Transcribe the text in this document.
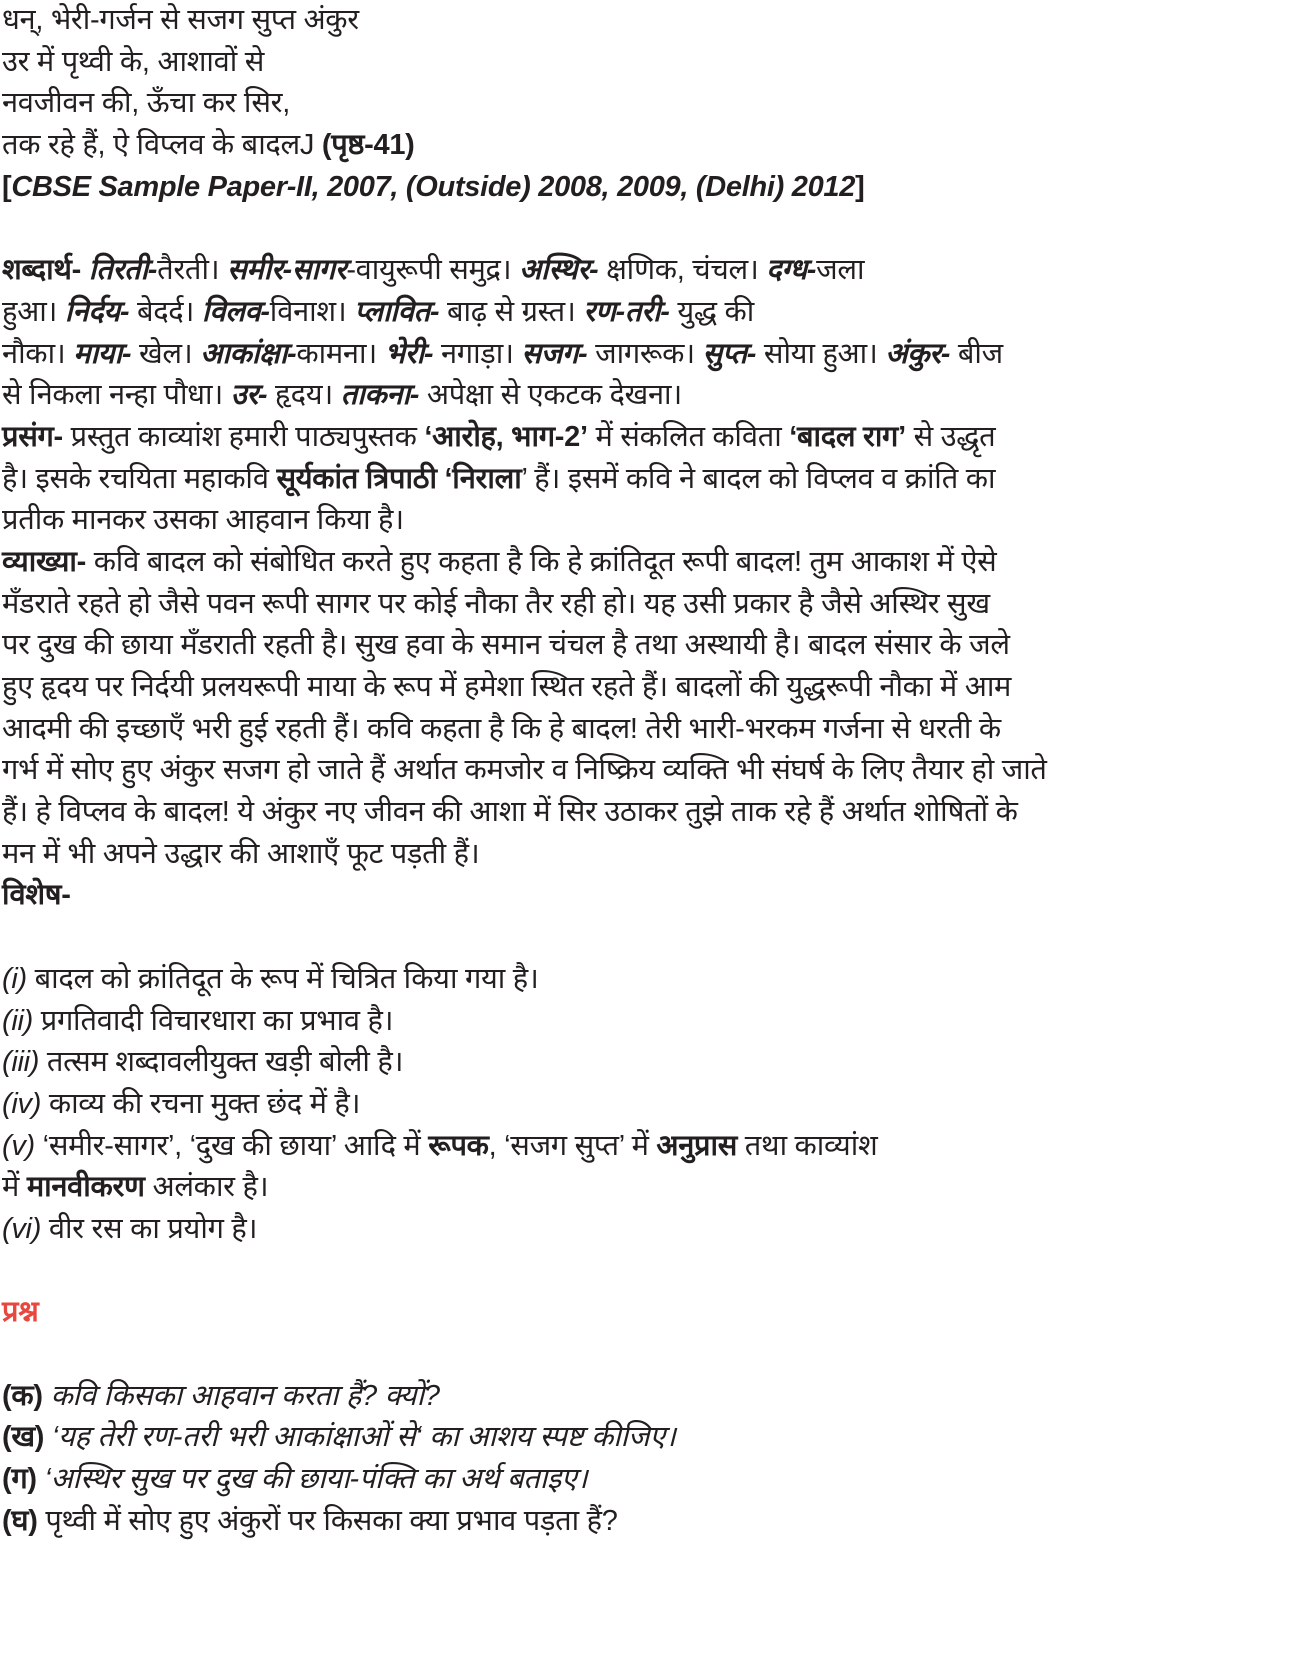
धन्, भेरी-गर्जन से सजग सुप्त अंकुर
उर में पृथ्वी के, आशावों से
नवजीवन की, ऊँचा कर सिर,
तक रहे हैं, ऐ विप्लव के बादलJ (पृष्ठ-41)
[CBSE Sample Paper-II, 2007, (Outside) 2008, 2009, (Delhi) 2012]

शब्दार्थ- तिरती-तैरती। समीर-सागर-वायुरूपी समुद्र। अस्थिर- क्षणिक, चंचल। दग्ध-जला
हुआ। निर्दय- बेदर्द। विलव-विनाश। प्लावित- बाढ़ से ग्रस्त। रण-तरी- युद्ध की
नौका। माया- खेल। आकांक्षा-कामना। भेरी- नगाड़ा। सजग- जागरूक। सुप्त- सोया हुआ। अंकुर- बीज
से निकला नन्हा पौधा। उर- हृदय। ताकना- अपेक्षा से एकटक देखना।
प्रसंग- प्रस्तुत काव्यांश हमारी पाठ्यपुस्तक ‘आरोह, भाग-2’ में संकलित कविता ‘बादल राग’ से उद्धृत
है। इसके रचयिता महाकवि सूर्यकांत त्रिपाठी ‘निराला’ हैं। इसमें कवि ने बादल को विप्लव व क्रांति का
प्रतीक मानकर उसका आहवान किया है।
व्याख्या- कवि बादल को संबोधित करते हुए कहता है कि हे क्रांतिदूत रूपी बादल! तुम आकाश में ऐसे
मँडराते रहते हो जैसे पवन रूपी सागर पर कोई नौका तैर रही हो। यह उसी प्रकार है जैसे अस्थिर सुख
पर दुख की छाया मँडराती रहती है। सुख हवा के समान चंचल है तथा अस्थायी है। बादल संसार के जले
हुए हृदय पर निर्दयी प्रलयरूपी माया के रूप में हमेशा स्थित रहते हैं। बादलों की युद्धरूपी नौका में आम
आदमी की इच्छाएँ भरी हुई रहती हैं। कवि कहता है कि हे बादल! तेरी भारी-भरकम गर्जना से धरती के
गर्भ में सोए हुए अंकुर सजग हो जाते हैं अर्थात कमजोर व निष्क्रिय व्यक्ति भी संघर्ष के लिए तैयार हो जाते
हैं। हे विप्लव के बादल! ये अंकुर नए जीवन की आशा में सिर उठाकर तुझे ताक रहे हैं अर्थात शोषितों के
मन में भी अपने उद्धार की आशाएँ फूट पड़ती हैं।
विशेष-

(i) बादल को क्रांतिदूत के रूप में चित्रित किया गया है।
(ii) प्रगतिवादी विचारधारा का प्रभाव है।
(iii) तत्सम शब्दावलीयुक्त खड़ी बोली है।
(iv) काव्य की रचना मुक्त छंद में है।
(v) ‘समीर-सागर’, ‘दुख की छाया’ आदि में रूपक, ‘सजग सुप्त’ में अनुप्रास तथा काव्यांश
में मानवीकरण अलंकार है।
(vi) वीर रस का प्रयोग है।

प्रश्न

(क) कवि किसका आहवान करता हैं? क्यों?
(ख) ‘यह तेरी रण-तरी भरी आकांक्षाओं से‘ का आशय स्पष्ट कीजिए।
(ग) ‘अस्थिर सुख पर दुख की छाया-पंक्ति का अर्थ बताइए।
(घ) पृथ्वी में सोए हुए अंकुरों पर किसका क्या प्रभाव पड़ता हैं?
